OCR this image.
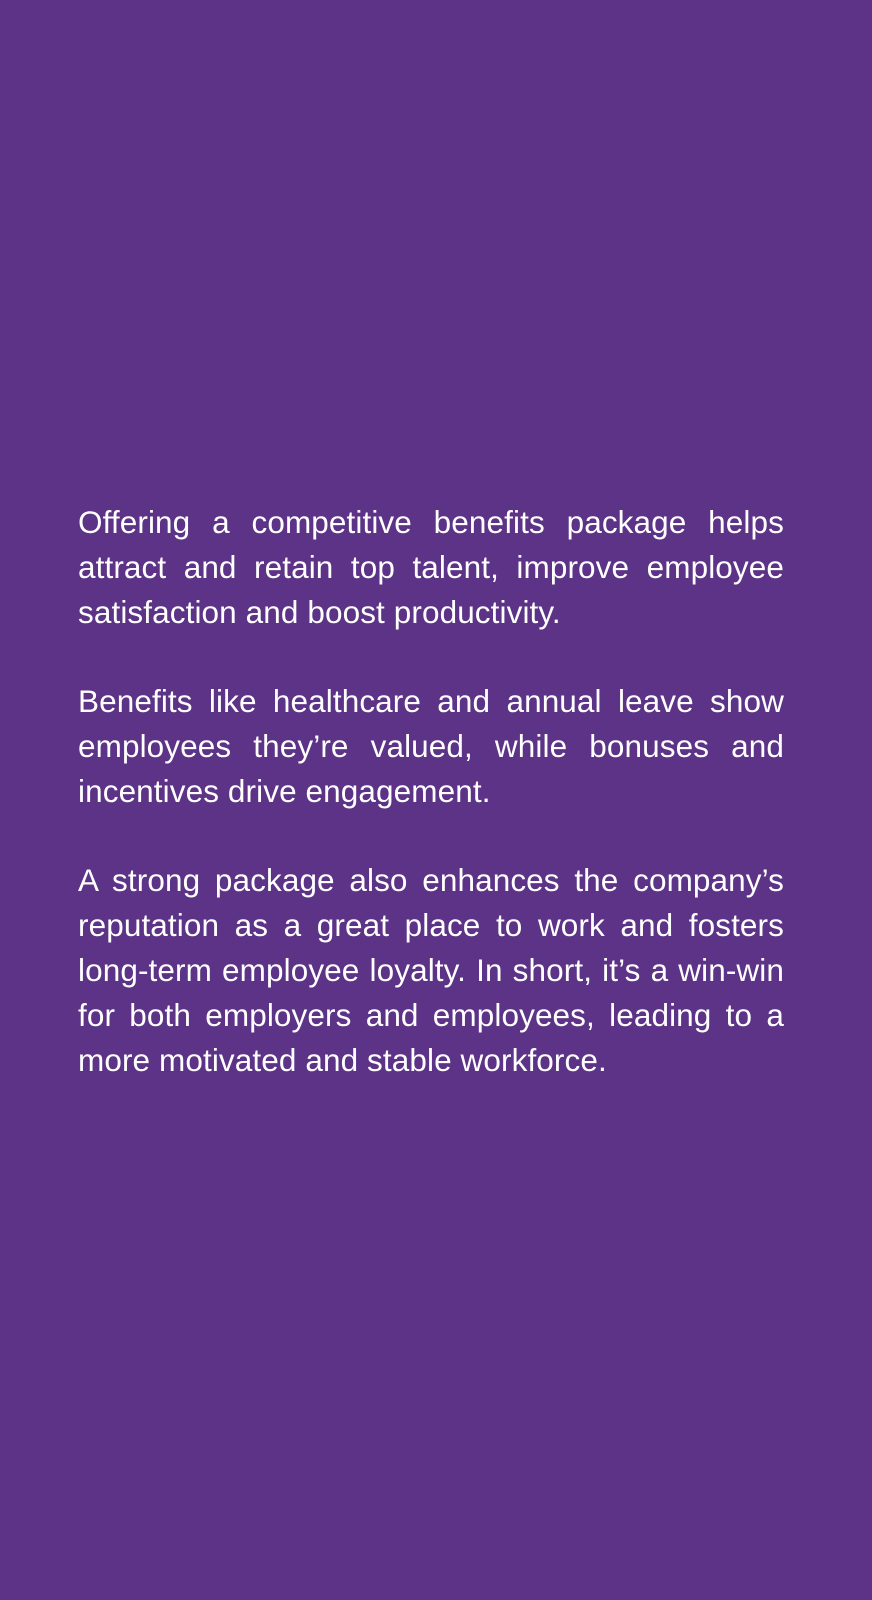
Offering a competitive benefits package helps attract and retain top talent, improve employee satisfaction and boost productivity.

Benefits like healthcare and annual leave show employees they’re valued, while bonuses and incentives drive engagement.

A strong package also enhances the company’s reputation as a great place to work and fosters long-term employee loyalty. In short, it’s a win-win for both employers and employees, leading to a more motivated and stable workforce.
